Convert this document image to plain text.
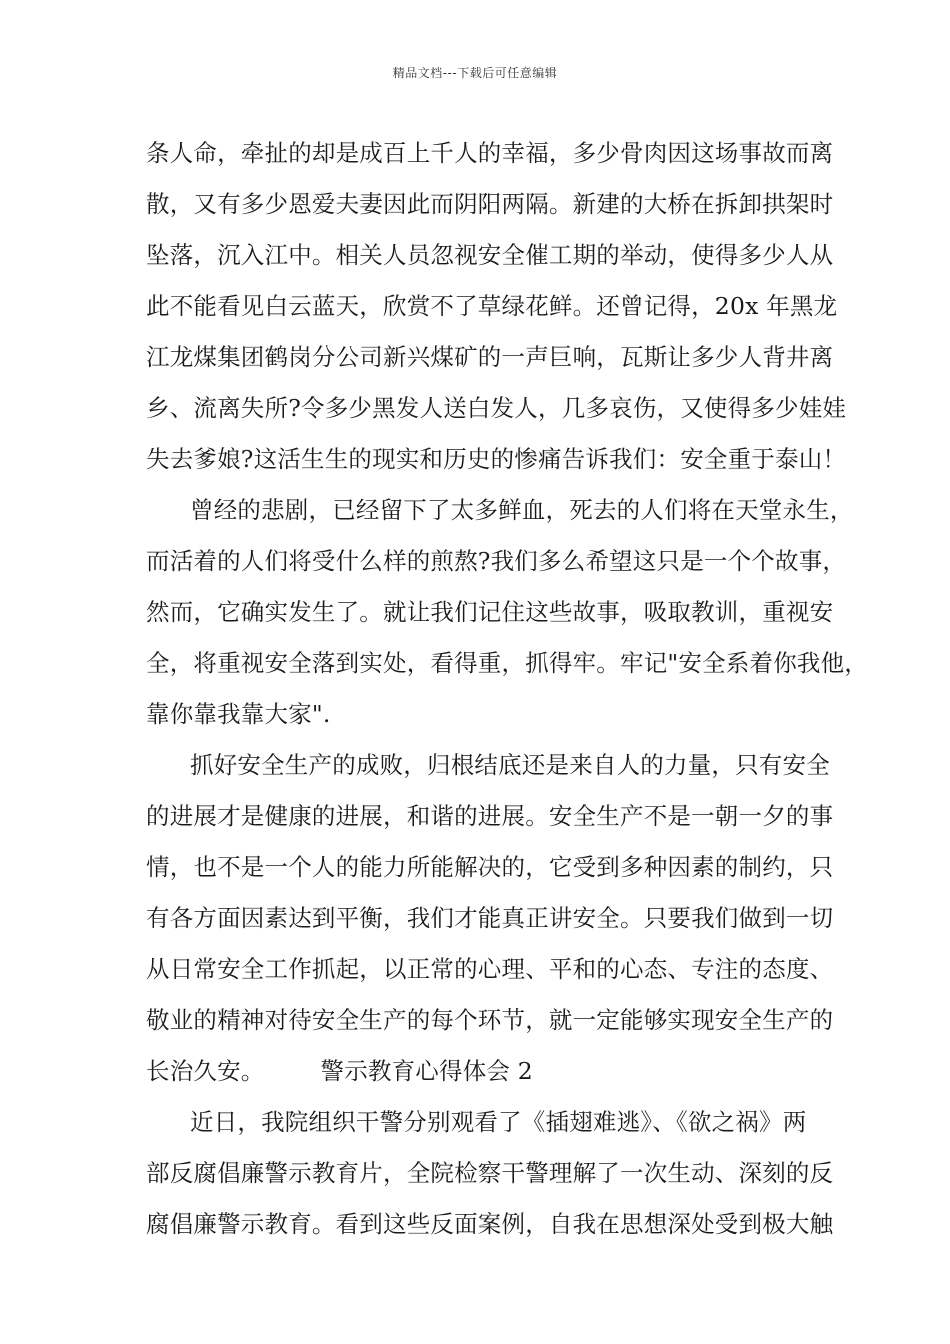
精品文档---下载后可任意编辑
条人命，牵扯的却是成百上千人的幸福，多少骨肉因这场事故而离
散，又有多少恩爱夫妻因此而阴阳两隔。新建的大桥在拆卸拱架时
坠落，沉入江中。相关人员忽视安全催工期的举动，使得多少人从
此不能看见白云蓝天，欣赏不了草绿花鲜。还曾记得，20x 年黑龙
江龙煤集团鹤岗分公司新兴煤矿的一声巨响，瓦斯让多少人背井离
乡、流离失所?令多少黑发人送白发人，几多哀伤，又使得多少娃娃
失去爹娘?这活生生的现实和历史的惨痛告诉我们：安全重于泰山！
曾经的悲剧，已经留下了太多鲜血，死去的人们将在天堂永生，
而活着的人们将受什么样的煎熬?我们多么希望这只是一个个故事，
然而，它确实发生了。就让我们记住这些故事，吸取教训，重视安
全，将重视安全落到实处，看得重，抓得牢。牢记"安全系着你我他，
靠你靠我靠大家".
抓好安全生产的成败，归根结底还是来自人的力量，只有安全
的进展才是健康的进展，和谐的进展。安全生产不是一朝一夕的事
情，也不是一个人的能力所能解决的，它受到多种因素的制约，只
有各方面因素达到平衡，我们才能真正讲安全。只要我们做到一切
从日常安全工作抓起，以正常的心理、平和的心态、专注的态度、
敬业的精神对待安全生产的每个环节，就一定能够实现安全生产的
长治久安。 警示教育心得体会 2
近日，我院组织干警分别观看了《插翅难逃》、《欲之祸》两
部反腐倡廉警示教育片，全院检察干警理解了一次生动、深刻的反
腐倡廉警示教育。看到这些反面案例，自我在思想深处受到极大触
